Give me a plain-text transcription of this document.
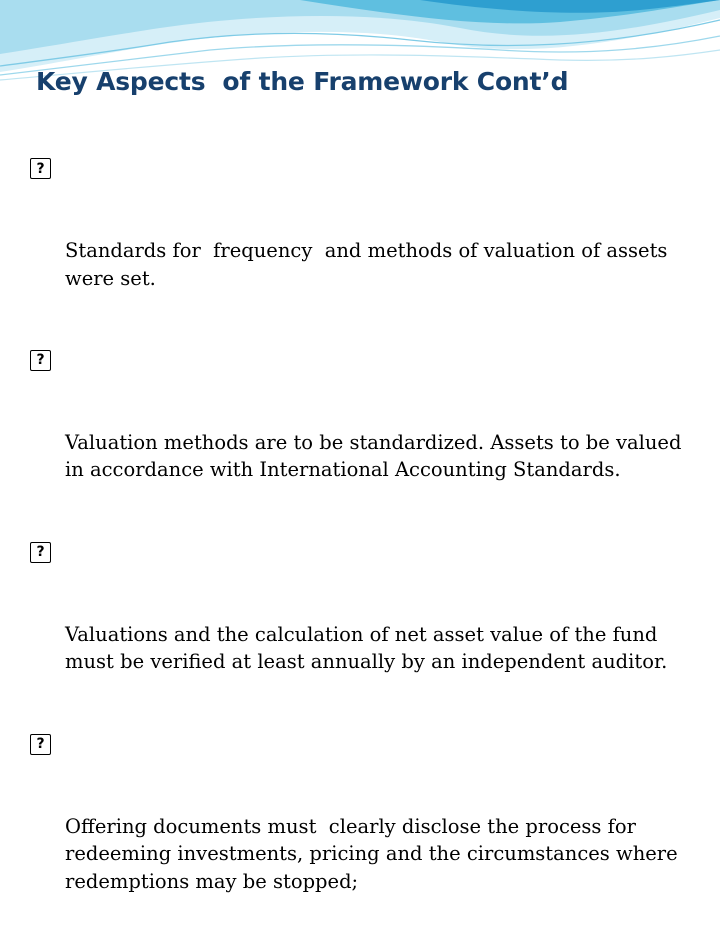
Key Aspects  of the Framework Cont’d

?

Standards for  frequency  and methods of valuation of assets were set.

?

Valuation methods are to be standardized. Assets to be valued in accordance with International Accounting Standards.

?

Valuations and the calculation of net asset value of the fund must be verified at least annually by an independent auditor.

?

Offering documents must  clearly disclose the process for redeeming investments, pricing and the circumstances where redemptions may be stopped;
